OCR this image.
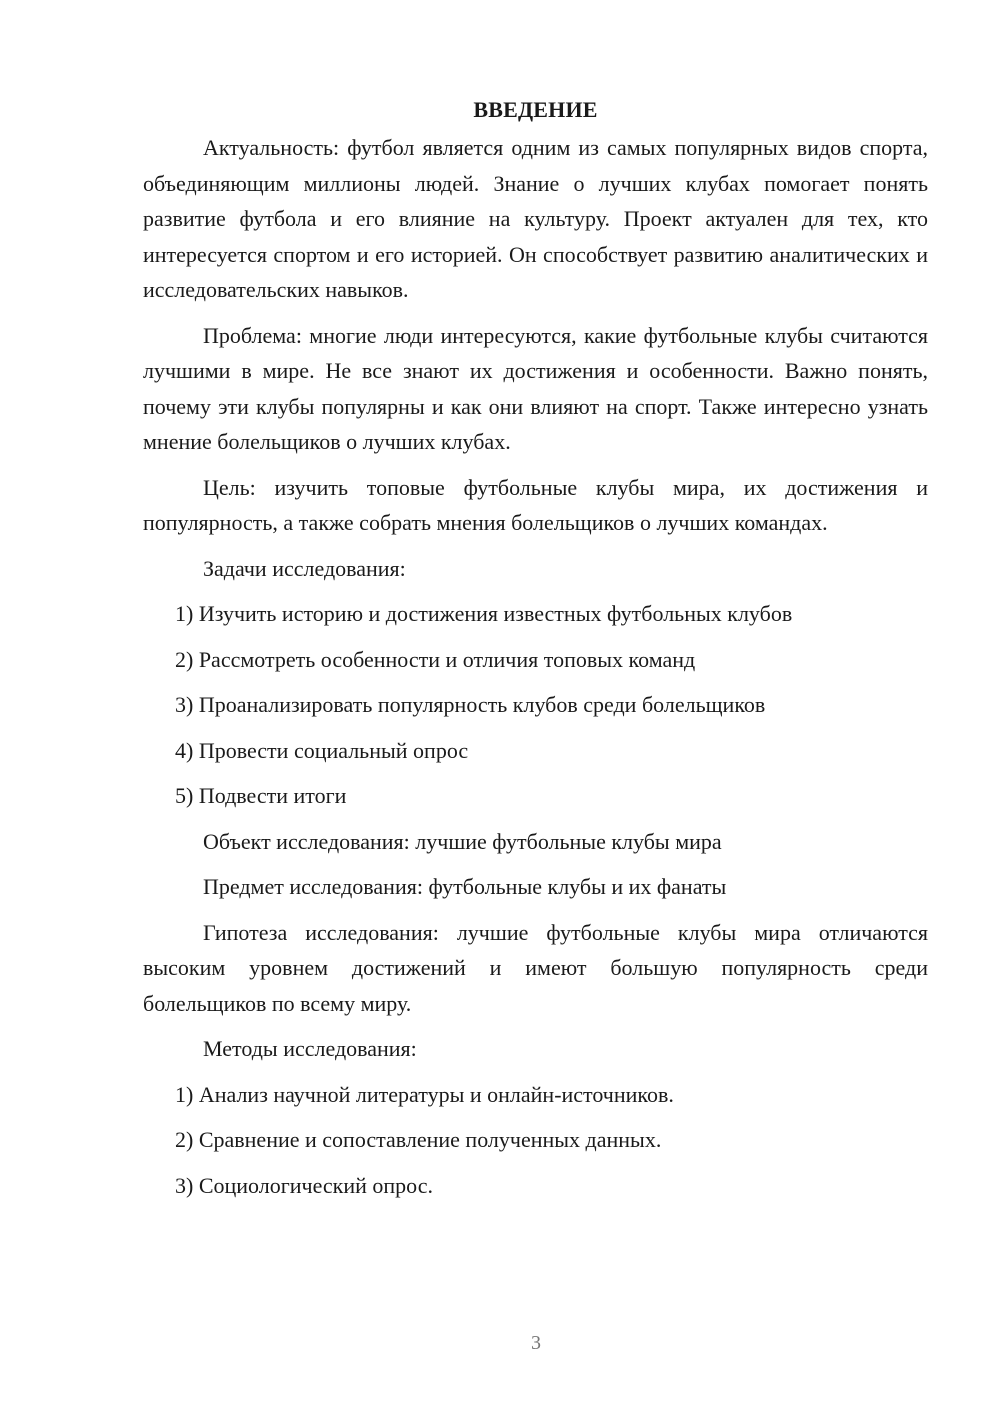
ВВЕДЕНИЕ

Актуальность: футбол является одним из самых популярных видов спорта, объединяющим миллионы людей. Знание о лучших клубах помогает понять развитие футбола и его влияние на культуру. Проект актуален для тех, кто интересуется спортом и его историей. Он способствует развитию аналитических и исследовательских навыков.

Проблема: многие люди интересуются, какие футбольные клубы считаются лучшими в мире. Не все знают их достижения и особенности. Важно понять, почему эти клубы популярны и как они влияют на спорт. Также интересно узнать мнение болельщиков о лучших клубах.

Цель: изучить топовые футбольные клубы мира, их достижения и популярность, а также собрать мнения болельщиков о лучших командах.

Задачи исследования:

1) Изучить историю и достижения известных футбольных клубов
2) Рассмотреть особенности и отличия топовых команд
3) Проанализировать популярность клубов среди болельщиков
4) Провести социальный опрос
5) Подвести итоги

Объект исследования: лучшие футбольные клубы мира

Предмет исследования: футбольные клубы и их фанаты

Гипотеза исследования: лучшие футбольные клубы мира отличаются высоким уровнем достижений и имеют большую популярность среди болельщиков по всему миру.

Методы исследования:

1) Анализ научной литературы и онлайн-источников.
2) Сравнение и сопоставление полученных данных.
3) Социологический опрос.
3
